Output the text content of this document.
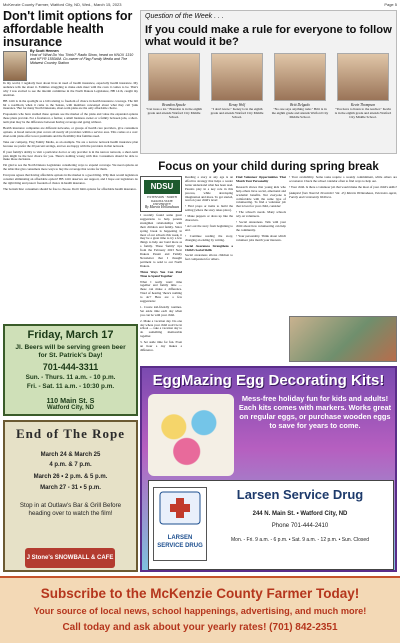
McKenzie County Farmer, Watford City, ND, Wed., March 15, 2023	Page 5
Don't limit options for affordable health insurance
By Scott Hennen
Host of 'What Do You Think?' Radio Show, heard on KNOX 1310 and KFYR 1550AM. Co-owner of Flag Family Media and The Midwest Country Station

In my world, I regularly hear about lives in need of health insurance, especially health insurance. My audience tells me about it. Families struggling to make ends meet with the costs it comes to be. That's why I was excited to see the interim committee in the North Dakota Legislature, HB 1416, caught my attention.

HB 1416 is in the spotlight as a bill relating to freedom of choice in health insurance coverage. The bill hit a roadblock when it came to the Senate, with members concerned about what they call 'junk insurance.' But for many North Dakotans, short-term plans are the only affordable choice.

Proponents who have studied these options see the market of the plans and value the expanded options these plans provide. For a freelancer, a farmer, a small business owner or a family between jobs, a short-term plan may be the difference between having coverage and going without.

Health insurance companies are different networks, or groups of health care providers, give consumers options. A broad network plan covers all nearly all providers within a service area. This comes at a cost: short-term plans offer lower premiums and the flexibility that families need.

Take our company, Flag Family Media, as an example. We are a narrow network health insurance plan because we prefer the 20 percent savings, and we are happy with the providers in that network.

If your family's ability to visit a particular doctor or any provider is in the narrow network, a short-term plan might be the best choice for you. There's nothing wrong with that. Consumers should be able to make those decisions.

I'm glad to see the North Dakota Legislature considering ways to expand coverage. We need options on the table that give consumers more ways to buy the coverage that works for them.

Everyone agrees that having affordable options in the market is a good thing. Why then would legislators consider eliminating an affordable option? HB 1416 deserves our support, and I hope our legislators do the right thing and protect freedom of choice in health insurance.

The bottom line: consumers should be free to choose. Don't limit options for affordable health insurance.

Question of the Week . . .
If you could make a rule for everyone to follow what would it be?
Brandon Spacke
"Cut trees a lot." Brandon is in the eighth grade and attends Watford City Middle School.
Kenzy Wolf
"I don't know." Kenzy is in the eighth grade and attends Watford City Middle School.
Britt Delgado
"No one says anything rude." Britt is in the eighth grade and attends Watford City Middle School.
Kevin Thompson
"You have to listen to the teacher." Kevin is in the eighth grade and attends Watford City Middle School.
Focus on your child during spring break
NDSU
EXTENSION · NORTH DAKOTA STATE UNIVERSITY
By Marcia Hellandsaas

I recently found some great suggestions to help parents strengthen relationships with their children and family. Since spring break is happening in most of our schools this week, it may be a great time to try a few things to help our bond more as a family. These 'family' tips from the February 2023 Next Dakota Parent and Family Newsletter that I thought pertinent to send to our North Dakota.

Three Ways You Can Find Time to Spend Together

What I really want: time together and family time — these can make a difference. Tired of hearing 'there's nothing to do'? Here are a few suggestions:

1. Create kid-friendly routines. Set aside time each day when you can be with your child.

2. Make a vacation day. Do one day where your child won't be in school — take a vacation day to do something memorable together.

3. Set aside time for fun. Even an hour a day makes a difference.

Reading a story at any age is an effective strategy that helps a reader better understand what has been read. Parents play in a key role in this process, while developing imagination and more. To get started, read on your child's level:

• Find props or items to build the setting (where the story takes place).

• Make puppets or dress up like the characters.

• Act out the story from beginning to end.

• Continue reading the story, changing an ending by writing.

Social Awareness Strengthens a Child's Social Skills

Social awareness allows children to feel compassion for others.

Find Volunteer Opportunities That Match Your Personality

Research shows that young kids who help others have social, emotional and academic benefits. Not everyone is comfortable with the same type of volunteering. To find a volunteer job that is best for your child, consider:

• The school's needs. Many schools rely on volunteers.

• Social Awareness. Talk with your child about how volunteering can help the community.

• Your personality. Think about which volunteer jobs match your interests.

• Your availability. Some tasks require a weekly commitment, while others are occasional. Check the school calendar often to find ways to help out.

• Your child. Is there a volunteer job that would make the most of your child's skills?

(Adapted from Nourish Newsletter Vol. 45) Marcia Hellandsaas, Extension Agent, Family and Community Wellness.

Friday, March 17
Jl. Beers will be serving green beer for St. Patrick's Day!
701-444-3311
Sun. - Thurs. 11 a.m. - 10 p.m.
Fri. - Sat. 11 a.m. - 10:30 p.m.
110 Main St. S
Watford City, ND
End of The Rope
March 24 & March 25
4 p.m. & 7 p.m.
March 26 • 2 p.m. & 5 p.m.
March 27 - 31 • 5 p.m.
Stop in at Outlaw's Bar & Grill Before heading over to watch the film!
J Stone's SNOWBALL & CAFE
EggMazing Egg Decorating Kits!
Mess-free holiday fun for kids and adults! Each kits comes with markers. Works great on regular eggs, or purchase wooden eggs to save for years to come.
LARSEN SERVICE DRUG
Larsen Service Drug
244 N. Main St. • Watford City, ND
Phone 701-444-2410
Mon. - Fri. 9 a.m. - 6 p.m. • Sat. 9 a.m. - 12 p.m. • Sun. Closed
Subscribe to the McKenzie County Farmer Today!
Your source of local news, school happenings, advertising, and much more!
Call today and ask about your yearly rates! (701) 842-2351
